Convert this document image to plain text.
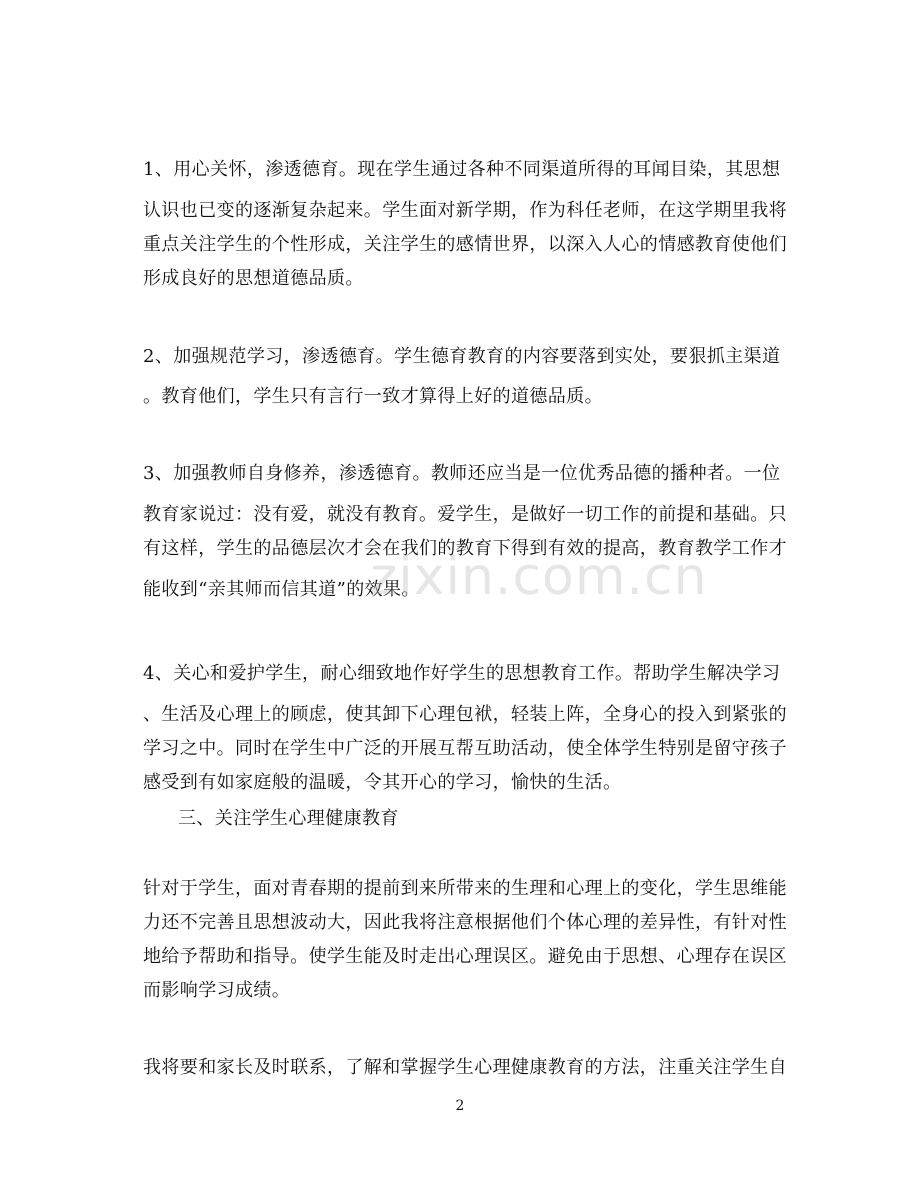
1、用心关怀，渗透德育。现在学生通过各种不同渠道所得的耳闻目染，其思想
认识也已变的逐渐复杂起来。学生面对新学期，作为科任老师，在这学期里我将
重点关注学生的个性形成，关注学生的感情世界，以深入人心的情感教育使他们
形成良好的思想道德品质。
2、加强规范学习，渗透德育。学生德育教育的内容要落到实处，要狠抓主渠道
。教育他们，学生只有言行一致才算得上好的道德品质。
3、加强教师自身修养，渗透德育。教师还应当是一位优秀品德的播种者。一位
教育家说过：没有爱，就没有教育。爱学生，是做好一切工作的前提和基础。只
有这样，学生的品德层次才会在我们的教育下得到有效的提高，教育教学工作才
能收到“亲其师而信其道”的效果。
4、关心和爱护学生，耐心细致地作好学生的思想教育工作。帮助学生解决学习
、生活及心理上的顾虑，使其卸下心理包袱，轻装上阵，全身心的投入到紧张的
学习之中。同时在学生中广泛的开展互帮互助活动，使全体学生特别是留守孩子
感受到有如家庭般的温暖，令其开心的学习，愉快的生活。
三、关注学生心理健康教育
针对于学生，面对青春期的提前到来所带来的生理和心理上的变化，学生思维能
力还不完善且思想波动大，因此我将注意根据他们个体心理的差异性，有针对性
地给予帮助和指导。使学生能及时走出心理误区。避免由于思想、心理存在误区
而影响学习成绩。
我将要和家长及时联系，了解和掌握学生心理健康教育的方法，注重关注学生自
zixin.com.cn
2
